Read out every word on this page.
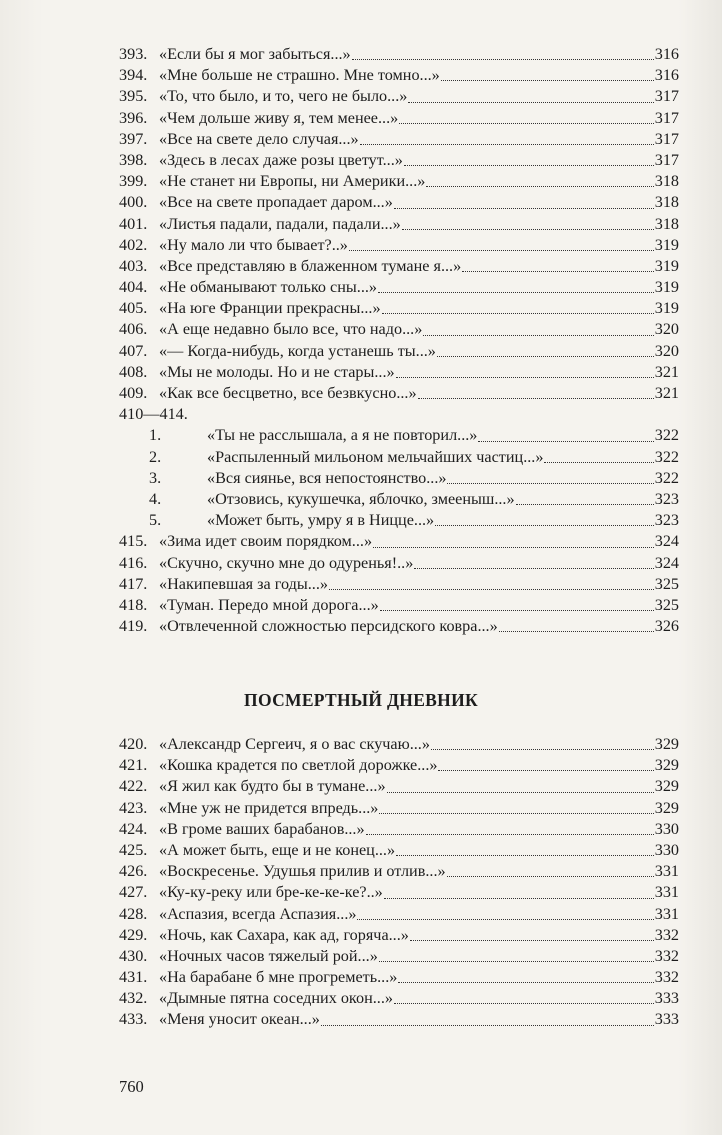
393. «Если бы я мог забыться...»	316
394. «Мне больше не страшно. Мне томно...»	316
395. «То, что было, и то, чего не было...»	317
396. «Чем дольше живу я, тем менее...»	317
397. «Все на свете дело случая...»	317
398. «Здесь в лесах даже розы цветут...»	317
399. «Не станет ни Европы, ни Америки...»	318
400. «Все на свете пропадает даром...»	318
401. «Листья падали, падали, падали...»	318
402. «Ну мало ли что бывает?..»	319
403. «Все представляю в блаженном тумане я...»	319
404. «Не обманывают только сны...»	319
405. «На юге Франции прекрасны...»	319
406. «А еще недавно было все, что надо...»	320
407. «— Когда-нибудь, когда устанешь ты...»	320
408. «Мы не молоды. Но и не стары...»	321
409. «Как все бесцветно, все безвкусно...»	321
410—414.
1.	«Ты не расслышала, а я не повторил...»	322
2.	«Распыленный мильоном мельчайших частиц...»	322
3.	«Вся сиянье, вся непостоянство...»	322
4.	«Отзовись, кукушечка, яблочко, змееныш...»	323
5.	«Может быть, умру я в Ницце...»	323
415. «Зима идет своим порядком...»	324
416. «Скучно, скучно мне до одуренья!..»	324
417. «Накипевшая за годы...»	325
418. «Туман. Передо мной дорога...»	325
419. «Отвлеченной сложностью персидского ковра...»	326
ПОСМЕРТНЫЙ ДНЕВНИК
420. «Александр Сергеич, я о вас скучаю...»	329
421. «Кошка крадется по светлой дорожке...»	329
422. «Я жил как будто бы в тумане...»	329
423. «Мне уж не придется впредь...»	329
424. «В громе ваших барабанов...»	330
425. «А может быть, еще и не конец...»	330
426. «Воскресенье. Удушья прилив и отлив...»	331
427. «Ку-ку-реку или бре-ке-ке-ке?..»	331
428. «Аспазия, всегда Аспазия...»	331
429. «Ночь, как Сахара, как ад, горяча...»	332
430. «Ночных часов тяжелый рой...»	332
431. «На барабане б мне прогреметь...»	332
432. «Дымные пятна соседних окон...»	333
433. «Меня уносит океан...»	333
760
